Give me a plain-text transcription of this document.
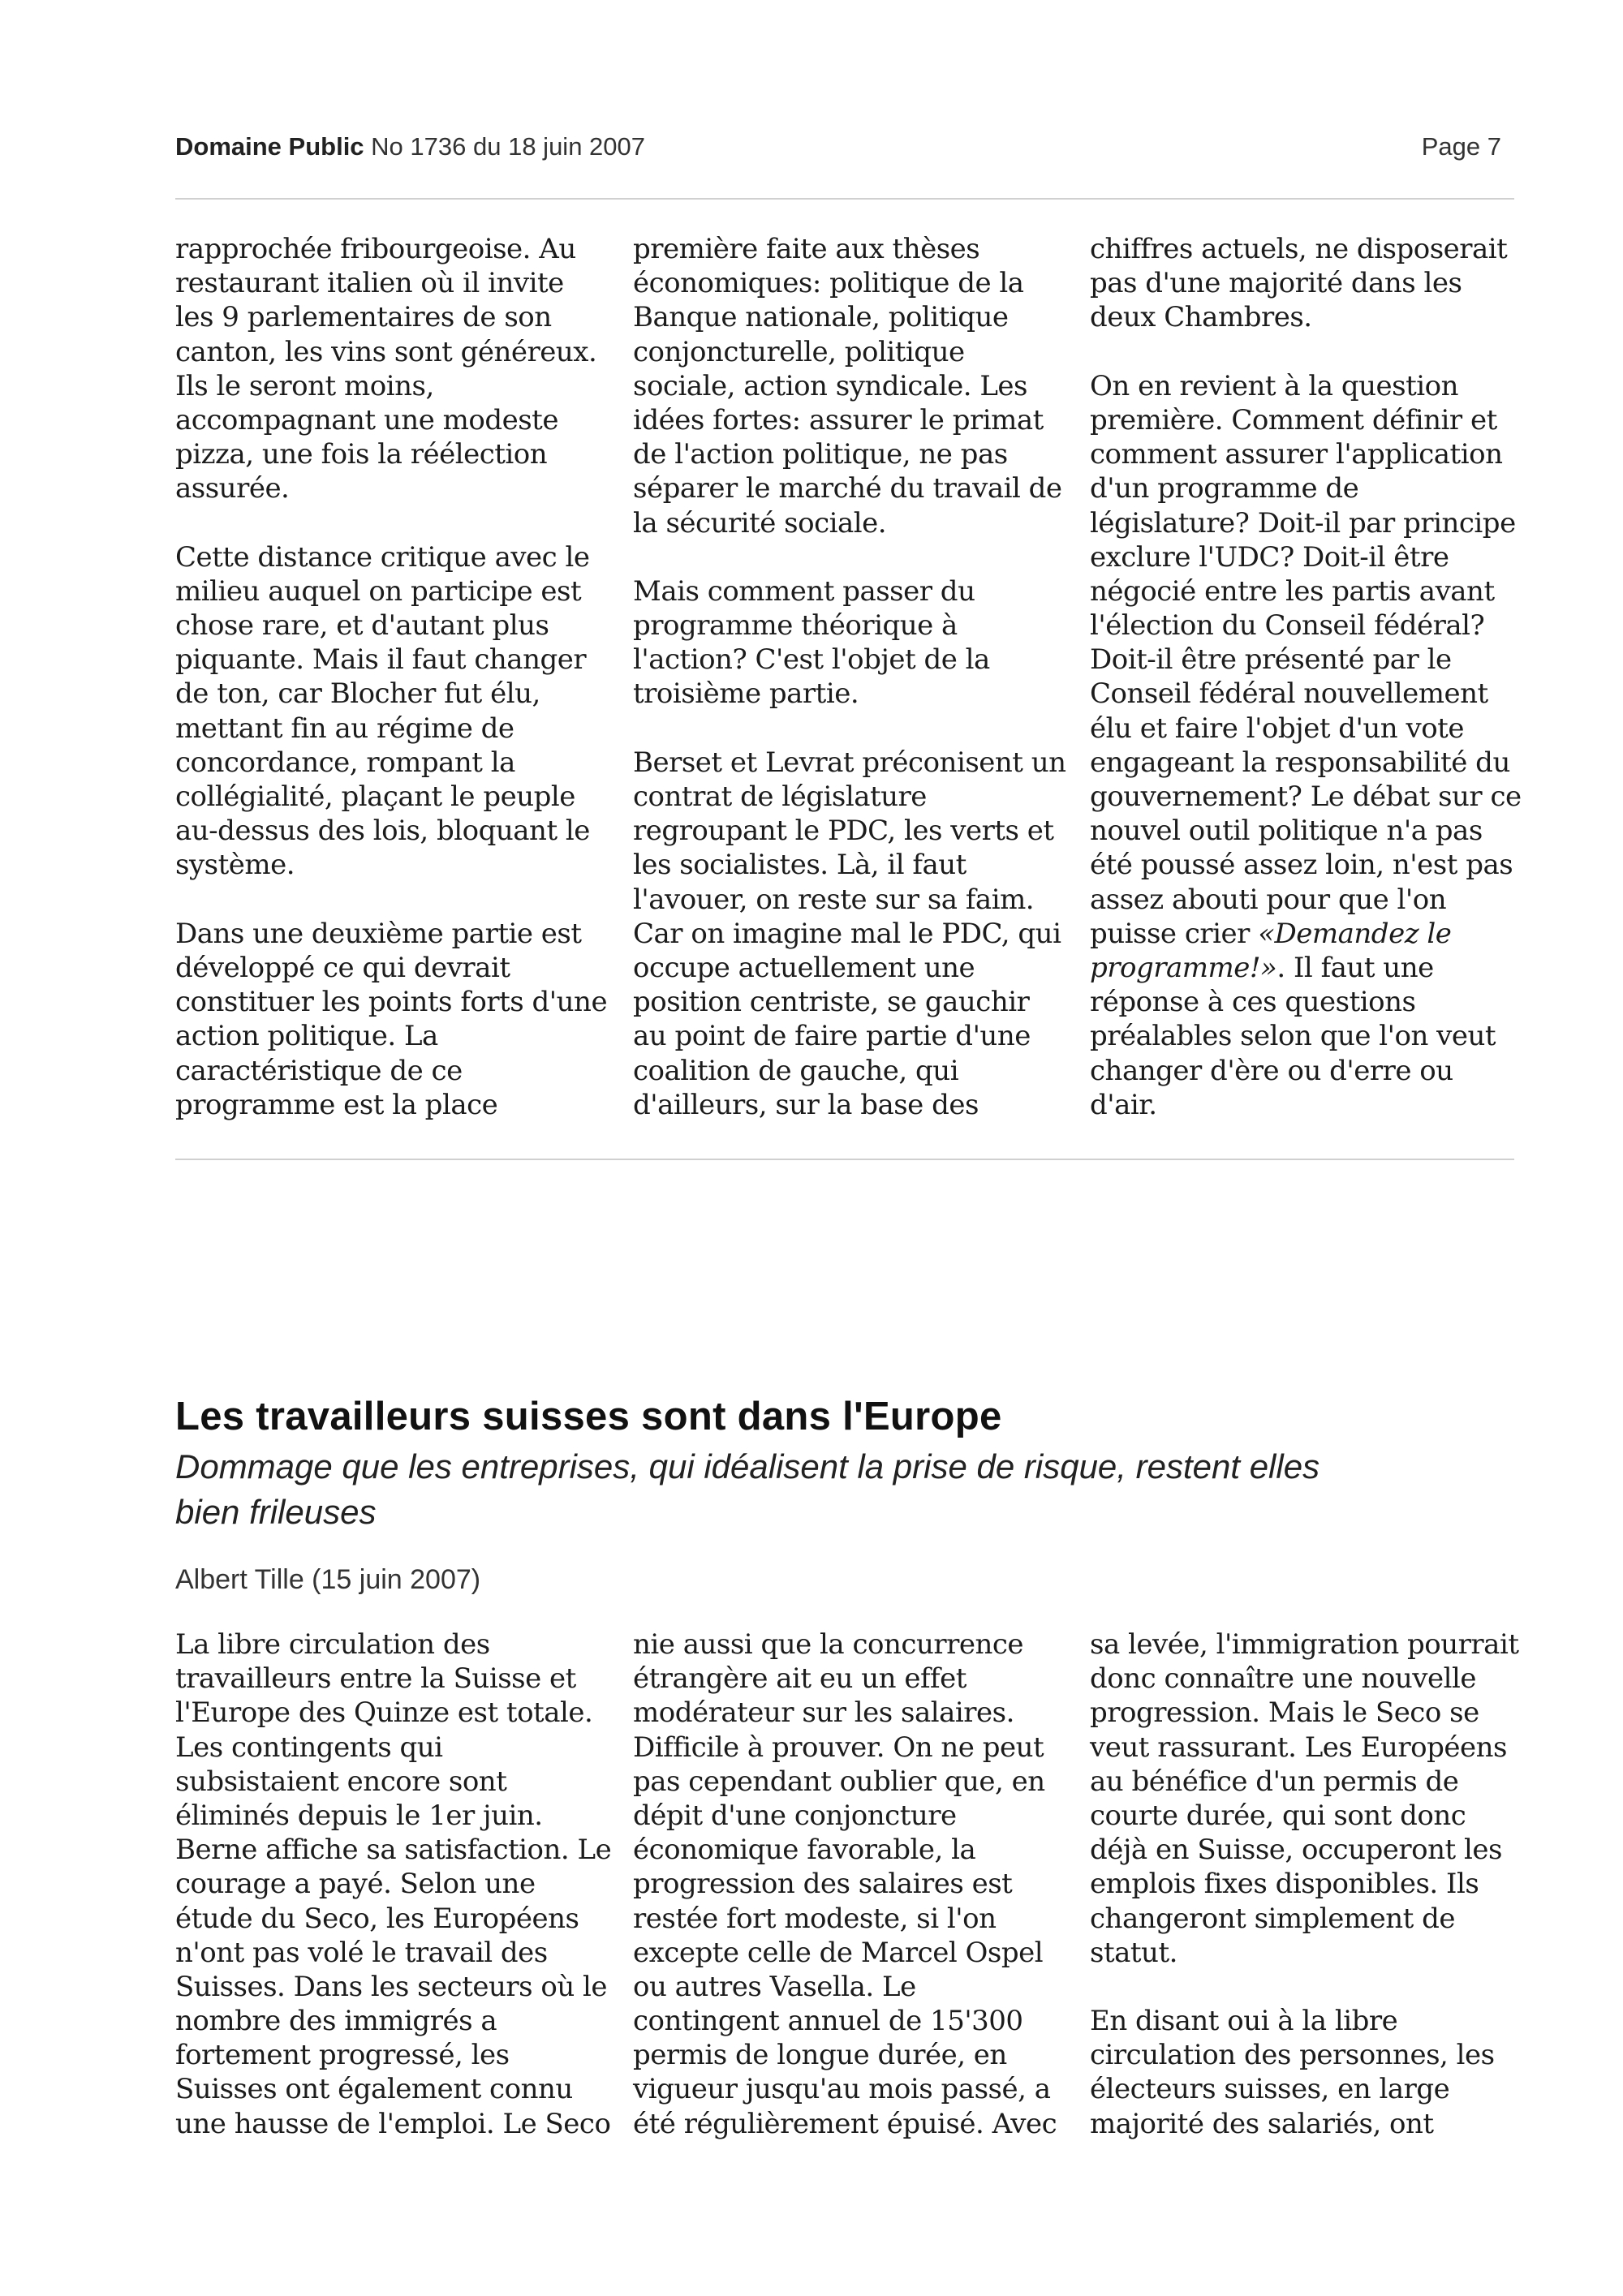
Domaine Public No 1736 du 18 juin 2007	Page 7
rapprochée fribourgeoise. Au
restaurant italien où il invite
les 9 parlementaires de son
canton, les vins sont généreux.
Ils le seront moins,
accompagnant une modeste
pizza, une fois la réélection
assurée.
Cette distance critique avec le
milieu auquel on participe est
chose rare, et d'autant plus
piquante. Mais il faut changer
de ton, car Blocher fut élu,
mettant fin au régime de
concordance, rompant la
collégialité, plaçant le peuple
au-dessus des lois, bloquant le
système.
Dans une deuxième partie est
développé ce qui devrait
constituer les points forts d'une
action politique. La
caractéristique de ce
programme est la place
première faite aux thèses
économiques: politique de la
Banque nationale, politique
conjoncturelle, politique
sociale, action syndicale. Les
idées fortes: assurer le primat
de l'action politique, ne pas
séparer le marché du travail de
la sécurité sociale.
Mais comment passer du
programme théorique à
l'action? C'est l'objet de la
troisième partie.
Berset et Levrat préconisent un
contrat de législature
regroupant le PDC, les verts et
les socialistes. Là, il faut
l'avouer, on reste sur sa faim.
Car on imagine mal le PDC, qui
occupe actuellement une
position centriste, se gauchir
au point de faire partie d'une
coalition de gauche, qui
d'ailleurs, sur la base des
chiffres actuels, ne disposerait
pas d'une majorité dans les
deux Chambres.
On en revient à la question
première. Comment définir et
comment assurer l'application
d'un programme de
législature? Doit-il par principe
exclure l'UDC? Doit-il être
négocié entre les partis avant
l'élection du Conseil fédéral?
Doit-il être présenté par le
Conseil fédéral nouvellement
élu et faire l'objet d'un vote
engageant la responsabilité du
gouvernement? Le débat sur ce
nouvel outil politique n'a pas
été poussé assez loin, n'est pas
assez abouti pour que l'on
puisse crier «Demandez le
programme!». Il faut une
réponse à ces questions
préalables selon que l'on veut
changer d'ère ou d'erre ou
d'air.
Les travailleurs suisses sont dans l'Europe
Dommage que les entreprises, qui idéalisent la prise de risque, restent elles
bien frileuses
Albert Tille (15 juin 2007)
La libre circulation des
travailleurs entre la Suisse et
l'Europe des Quinze est totale.
Les contingents qui
subsistaient encore sont
éliminés depuis le 1er juin.
Berne affiche sa satisfaction. Le
courage a payé. Selon une
étude du Seco, les Européens
n'ont pas volé le travail des
Suisses. Dans les secteurs où le
nombre des immigrés a
fortement progressé, les
Suisses ont également connu
une hausse de l'emploi. Le Seco
nie aussi que la concurrence
étrangère ait eu un effet
modérateur sur les salaires.
Difficile à prouver. On ne peut
pas cependant oublier que, en
dépit d'une conjoncture
économique favorable, la
progression des salaires est
restée fort modeste, si l'on
excepte celle de Marcel Ospel
ou autres Vasella. Le
contingent annuel de 15'300
permis de longue durée, en
vigueur jusqu'au mois passé, a
été régulièrement épuisé. Avec
sa levée, l'immigration pourrait
donc connaître une nouvelle
progression. Mais le Seco se
veut rassurant. Les Européens
au bénéfice d'un permis de
courte durée, qui sont donc
déjà en Suisse, occuperont les
emplois fixes disponibles. Ils
changeront simplement de
statut.
En disant oui à la libre
circulation des personnes, les
électeurs suisses, en large
majorité des salariés, ont
